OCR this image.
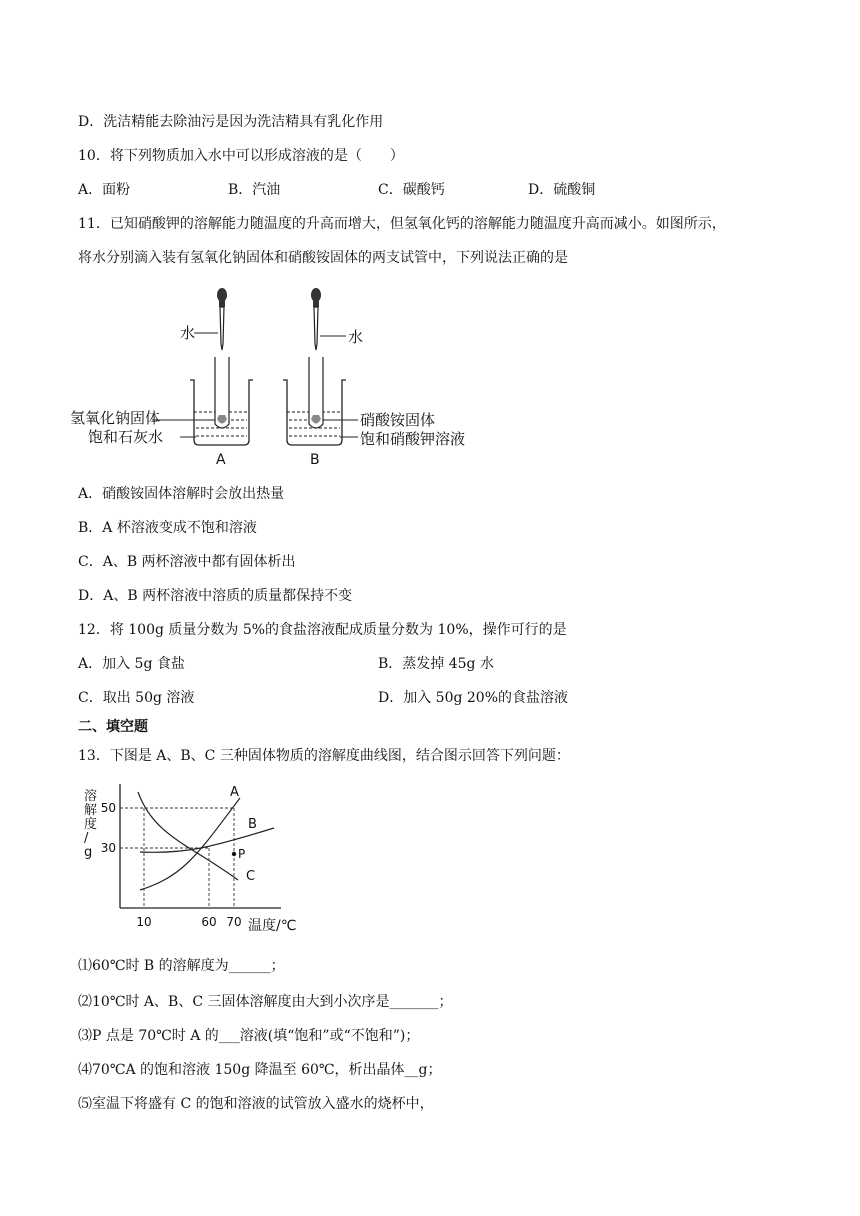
D．洗洁精能去除油污是因为洗洁精具有乳化作用
10．将下列物质加入水中可以形成溶液的是（　　）
A．面粉	B．汽油	C．碳酸钙	D．硫酸铜
11．已知硝酸钾的溶解能力随温度的升高而增大，但氢氧化钙的溶解能力随温度升高而减小。如图所示，
将水分别滴入装有氢氧化钠固体和硝酸铵固体的两支试管中，下列说法正确的是
水	水
氢氧化钠固体
饱和石灰水
A
硝酸铵固体
饱和硝酸钾溶液
B
A．硝酸铵固体溶解时会放出热量
B．A 杯溶液变成不饱和溶液
C．A、B 两杯溶液中都有固体析出
D．A、B 两杯溶液中溶质的质量都保持不变
12．将 100g 质量分数为 5%的食盐溶液配成质量分数为 10%，操作可行的是
A．加入 5g 食盐	B．蒸发掉 45g 水
C．取出 50g 溶液	D．加入 50g 20%的食盐溶液
二、填空题
13．下图是 A、B、C 三种固体物质的溶解度曲线图，结合图示回答下列问题：
溶
解
度
/
g
温度/℃
10	60 70
30
50
A
B
C
P
⑴60℃时 B 的溶解度为______；
⑵10℃时 A、B、C 三固体溶解度由大到小次序是_______；
⑶P 点是 70℃时 A 的___溶液(填“饱和”或“不饱和”)；
⑷70℃A 的饱和溶液 150g 降温至 60℃，析出晶体__g；
⑸室温下将盛有 C 的饱和溶液的试管放入盛水的烧杯中，
